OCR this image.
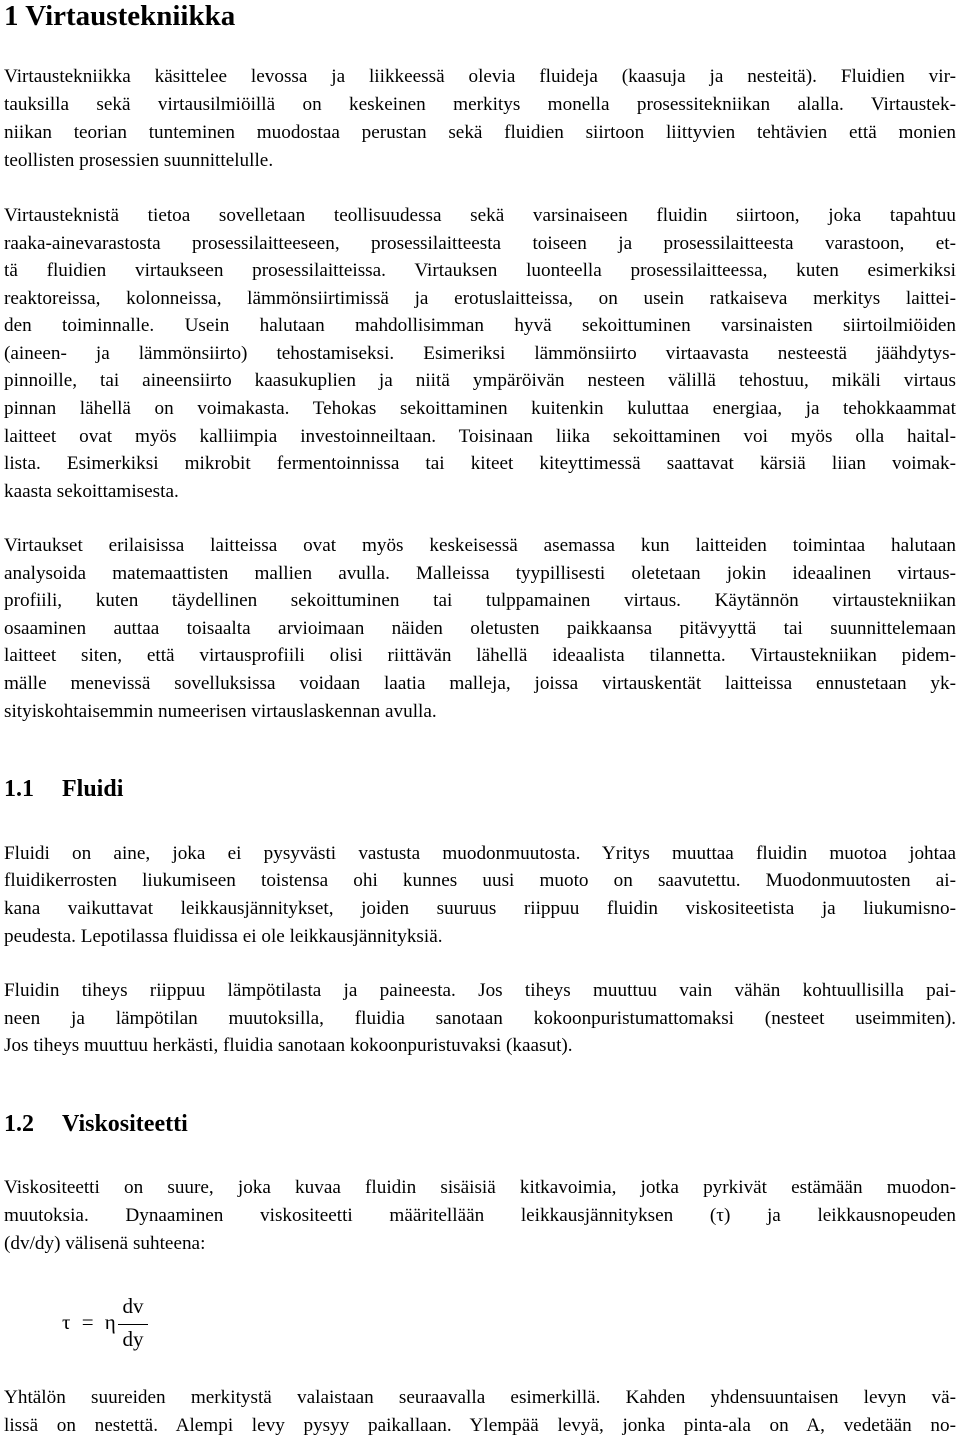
1 Virtaustekniikka
Virtaustekniikka käsittelee levossa ja liikkeessä olevia fluideja (kaasuja ja nesteitä). Fluidien vir-
tauksilla sekä virtausilmiöillä on keskeinen merkitys monella prosessitekniikan alalla. Virtaustek-
niikan teorian tunteminen muodostaa perustan sekä fluidien siirtoon liittyvien tehtävien että monien
teollisten prosessien suunnittelulle.
Virtausteknistä tietoa sovelletaan teollisuudessa sekä varsinaiseen fluidin siirtoon, joka tapahtuu
raaka-ainevarastosta prosessilaitteeseen, prosessilaitteesta toiseen ja prosessilaitteesta varastoon, et-
tä fluidien virtaukseen prosessilaitteissa. Virtauksen luonteella prosessilaitteessa, kuten esimerkiksi
reaktoreissa, kolonneissa, lämmönsiirtimissä ja erotuslaitteissa, on usein ratkaiseva merkitys laittei-
den toiminnalle. Usein halutaan mahdollisimman hyvä sekoittuminen varsinaisten siirtoilmiöiden
(aineen- ja lämmönsiirto) tehostamiseksi. Esimeriksi lämmönsiirto virtaavasta nesteestä jäähdytys-
pinnoille, tai aineensiirto kaasukuplien ja niitä ympäröivän nesteen välillä tehostuu, mikäli virtaus
pinnan lähellä on voimakasta. Tehokas sekoittaminen kuitenkin kuluttaa energiaa, ja tehokkaammat
laitteet ovat myös kalliimpia investoinneiltaan. Toisinaan liika sekoittaminen voi myös olla haital-
lista. Esimerkiksi mikrobit fermentoinnissa tai kiteet kiteyttimessä saattavat kärsiä liian voimak-
kaasta sekoittamisesta.
Virtaukset erilaisissa laitteissa ovat myös keskeisessä asemassa kun laitteiden toimintaa halutaan
analysoida matemaattisten mallien avulla. Malleissa tyypillisesti oletetaan jokin ideaalinen virtaus-
profiili, kuten täydellinen sekoittuminen tai tulppamainen virtaus. Käytännön virtaustekniikan
osaaminen auttaa toisaalta arvioimaan näiden oletusten paikkaansa pitävyyttä tai suunnittelemaan
laitteet siten, että virtausprofiili olisi riittävän lähellä ideaalista tilannetta. Virtaustekniikan pidem-
mälle menevissä sovelluksissa voidaan laatia malleja, joissa virtauskentät laitteissa ennustetaan yk-
sityiskohtaisemmin numeerisen virtauslaskennan avulla.
1.1 Fluidi
Fluidi on aine, joka ei pysyvästi vastusta muodonmuutosta. Yritys muuttaa fluidin muotoa johtaa
fluidikerrosten liukumiseen toistensa ohi kunnes uusi muoto on saavutettu. Muodonmuutosten ai-
kana vaikuttavat leikkausjännitykset, joiden suuruus riippuu fluidin viskositeetista ja liukumisno-
peudesta. Lepotilassa fluidissa ei ole leikkausjännityksiä.
Fluidin tiheys riippuu lämpötilasta ja paineesta. Jos tiheys muuttuu vain vähän kohtuullisilla pai-
neen ja lämpötilan muutoksilla, fluidia sanotaan kokoonpuristumattomaksi (nesteet useimmiten).
Jos tiheys muuttuu herkästi, fluidia sanotaan kokoonpuristuvaksi (kaasut).
1.2 Viskositeetti
Viskositeetti on suure, joka kuvaa fluidin sisäisiä kitkavoimia, jotka pyrkivät estämään muodon-
muutoksia. Dynaaminen viskositeetti määritellään leikkausjännityksen (τ) ja leikkausnopeuden
(dv/dy) välisenä suhteena:
τ = η
dv
dy
Yhtälön suureiden merkitystä valaistaan seuraavalla esimerkillä. Kahden yhdensuuntaisen levyn vä-
lissä on nestettä. Alempi levy pysyy paikallaan. Ylempää levyä, jonka pinta-ala on A, vedetään no-
